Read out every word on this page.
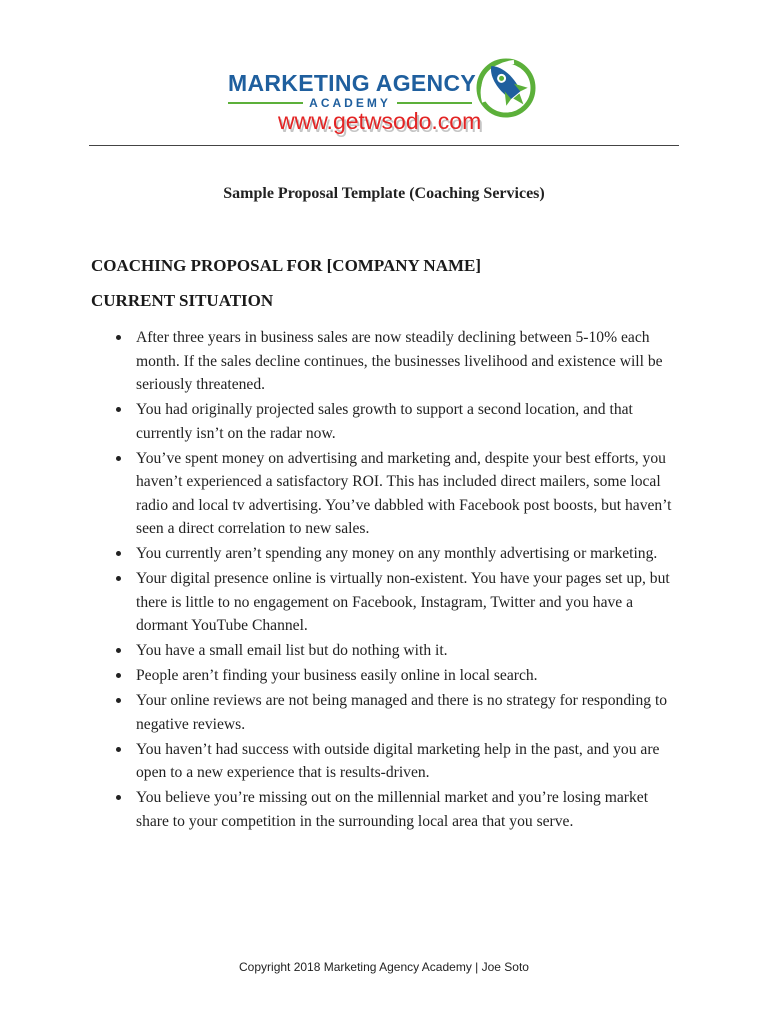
MARKETING AGENCY
ACADEMY
www.getwsodo.com
Sample Proposal Template (Coaching Services)
COACHING PROPOSAL FOR [COMPANY NAME]
CURRENT SITUATION
After three years in business sales are now steadily declining between 5-10% each month. If the sales decline continues, the businesses livelihood and existence will be seriously threatened.
You had originally projected sales growth to support a second location, and that currently isn’t on the radar now.
You’ve spent money on advertising and marketing and, despite your best efforts, you haven’t experienced a satisfactory ROI. This has included direct mailers, some local radio and local tv advertising. You’ve dabbled with Facebook post boosts, but haven’t seen a direct correlation to new sales.
You currently aren’t spending any money on any monthly advertising or marketing.
Your digital presence online is virtually non-existent. You have your pages set up, but there is little to no engagement on Facebook, Instagram, Twitter and you have a dormant YouTube Channel.
You have a small email list but do nothing with it.
People aren’t finding your business easily online in local search.
Your online reviews are not being managed and there is no strategy for responding to negative reviews.
You haven’t had success with outside digital marketing help in the past, and you are open to a new experience that is results-driven.
You believe you’re missing out on the millennial market and you’re losing market share to your competition in the surrounding local area that you serve.
Copyright 2018 Marketing Agency Academy | Joe Soto
